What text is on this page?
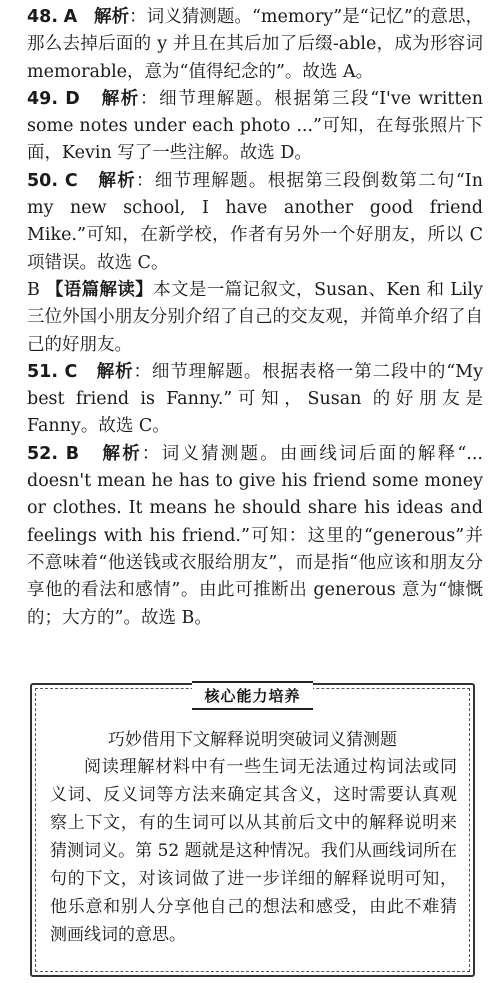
48. A 解析：词义猜测题。“memory”是“记忆”的意思，那么去掉后面的 y 并且在其后加了后缀-able，成为形容词 memorable，意为“值得纪念的”。故选 A。

49. D 解析：细节理解题。根据第三段“I've written some notes under each photo ...”可知，在每张照片下面，Kevin 写了一些注解。故选 D。

50. C 解析：细节理解题。根据第三段倒数第二句“In my new school, I have another good friend Mike.”可知，在新学校，作者有另外一个好朋友，所以 C 项错误。故选 C。

B 【语篇解读】本文是一篇记叙文，Susan、Ken 和 Lily 三位外国小朋友分别介绍了自己的交友观，并简单介绍了自己的好朋友。

51. C 解析：细节理解题。根据表格一第二段中的“My best friend is Fanny.”可知，Susan 的好朋友是 Fanny。故选 C。

52. B 解析：词义猜测题。由画线词后面的解释“... doesn't mean he has to give his friend some money or clothes. It means he should share his ideas and feelings with his friend.”可知：这里的“generous”并不意味着“他送钱或衣服给朋友”，而是指“他应该和朋友分享他的看法和感情”。由此可推断出 generous 意为“慷慨的；大方的”。故选 B。

核心能力培养
巧妙借用下文解释说明突破词义猜测题
阅读理解材料中有一些生词无法通过构词法或同义词、反义词等方法来确定其含义，这时需要认真观察上下文，有的生词可以从其前后文中的解释说明来猜测词义。第 52 题就是这种情况。我们从画线词所在句的下文，对该词做了进一步详细的解释说明可知，他乐意和别人分享他自己的想法和感受，由此不难猜测画线词的意思。
